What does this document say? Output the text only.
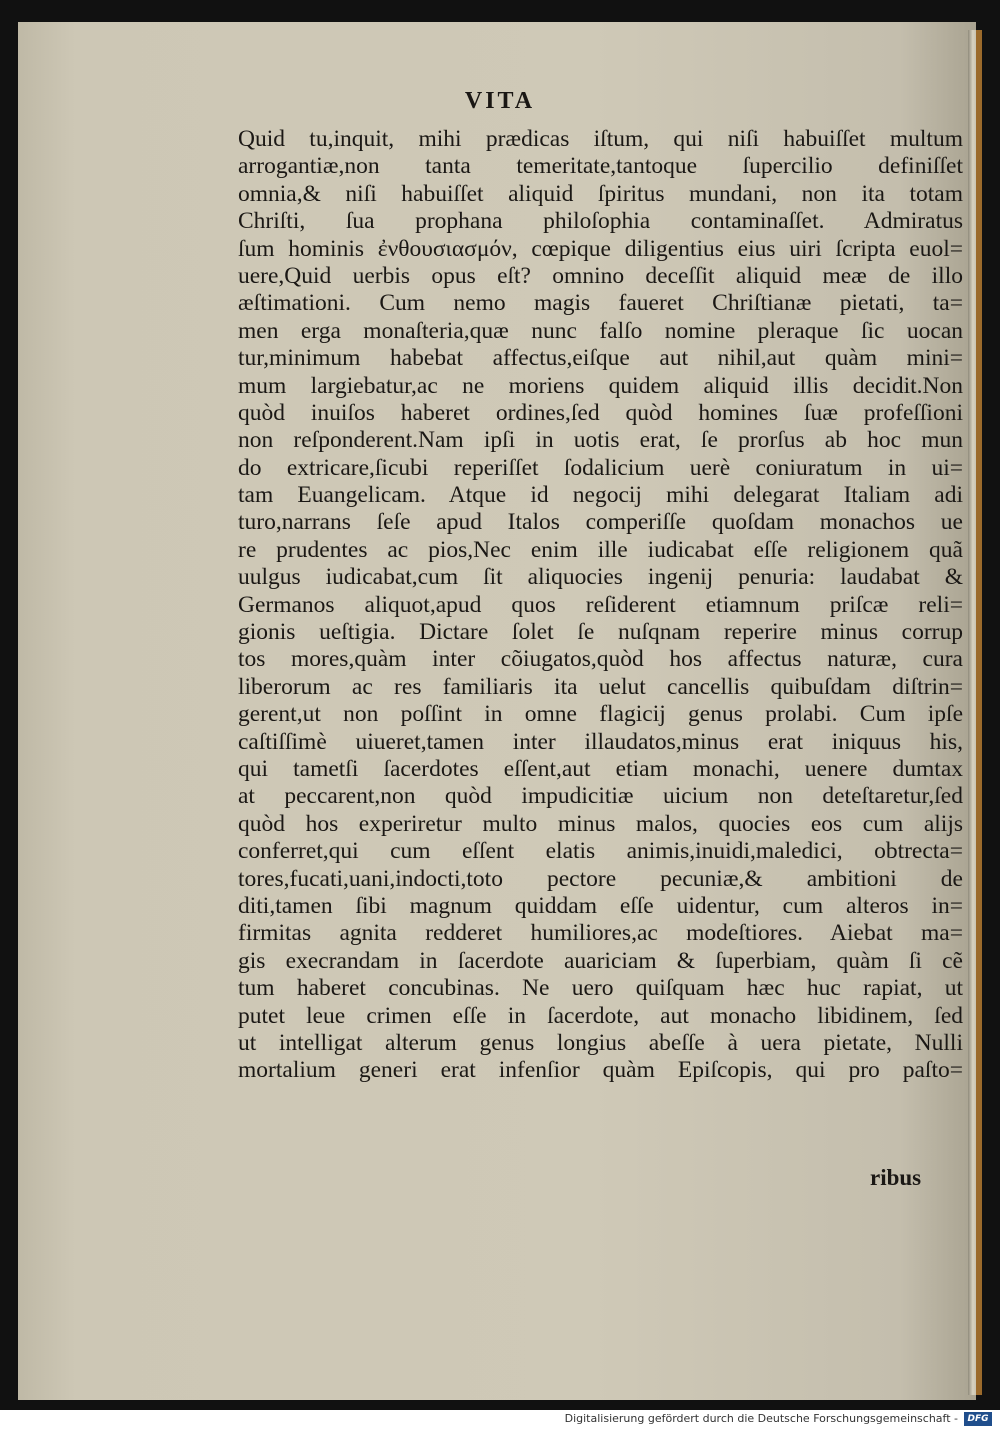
VITA
Quid tu,inquit, mihi prædicas iſtum, qui niſi habuiſſet multum
arrogantiæ,non tanta temeritate,tantoque ſupercilio definiſſet
omnia,& niſi habuiſſet aliquid ſpiritus mundani, non ita totam
Chriſti, ſua prophana philoſophia contaminaſſet. Admiratus
ſum hominis ἐνθουσιασμόν, cœpique diligentius eius uiri ſcripta euol=
uere,Quid uerbis opus eſt? omnino deceſſit aliquid meæ de illo
æſtimationi. Cum nemo magis faueret Chriſtianæ pietati, ta=
men erga monaſteria,quæ nunc falſo nomine pleraque ſic uocan
tur,minimum habebat affectus,eiſque aut nihil,aut quàm mini=
mum largiebatur,ac ne moriens quidem aliquid illis decidit.Non
quòd inuiſos haberet ordines,ſed quòd homines ſuæ profeſſioni
non reſponderent.Nam ipſi in uotis erat, ſe prorſus ab hoc mun
do extricare,ſicubi reperiſſet ſodalicium uerè coniuratum in ui=
tam Euangelicam. Atque id negocij mihi delegarat Italiam adi
turo,narrans ſeſe apud Italos comperiſſe quoſdam monachos ue
re prudentes ac pios,Nec enim ille iudicabat eſſe religionem quã
uulgus iudicabat,cum ſit aliquocies ingenij penuria: laudabat &
Germanos aliquot,apud quos reſiderent etiamnum priſcæ reli=
gionis ueſtigia. Dictare ſolet ſe nuſqnam reperire minus corrup
tos mores,quàm inter cõiugatos,quòd hos affectus naturæ, cura
liberorum ac res familiaris ita uelut cancellis quibuſdam diſtrin=
gerent,ut non poſſint in omne flagicij genus prolabi. Cum ipſe
caſtiſſimè uiueret,tamen inter illaudatos,minus erat iniquus his,
qui tametſi ſacerdotes eſſent,aut etiam monachi, uenere dumtax
at peccarent,non quòd impudicitiæ uicium non deteſtaretur,ſed
quòd hos experiretur multo minus malos, quocies eos cum alijs
conferret,qui cum eſſent elatis animis,inuidi,maledici, obtrecta=
tores,fucati,uani,indocti,toto pectore pecuniæ,& ambitioni de
diti,tamen ſibi magnum quiddam eſſe uidentur, cum alteros in=
firmitas agnita redderet humiliores,ac modeſtiores. Aiebat ma=
gis execrandam in ſacerdote auariciam & ſuperbiam, quàm ſi cẽ
tum haberet concubinas. Ne uero quiſquam hæc huc rapiat, ut
putet leue crimen eſſe in ſacerdote, aut monacho libidinem, ſed
ut intelligat alterum genus longius abeſſe à uera pietate, Nulli
mortalium generi erat infenſior quàm Epiſcopis, qui pro paſto=
ribus
Digitalisierung gefördert durch die Deutsche Forschungsgemeinschaft -	DFG
